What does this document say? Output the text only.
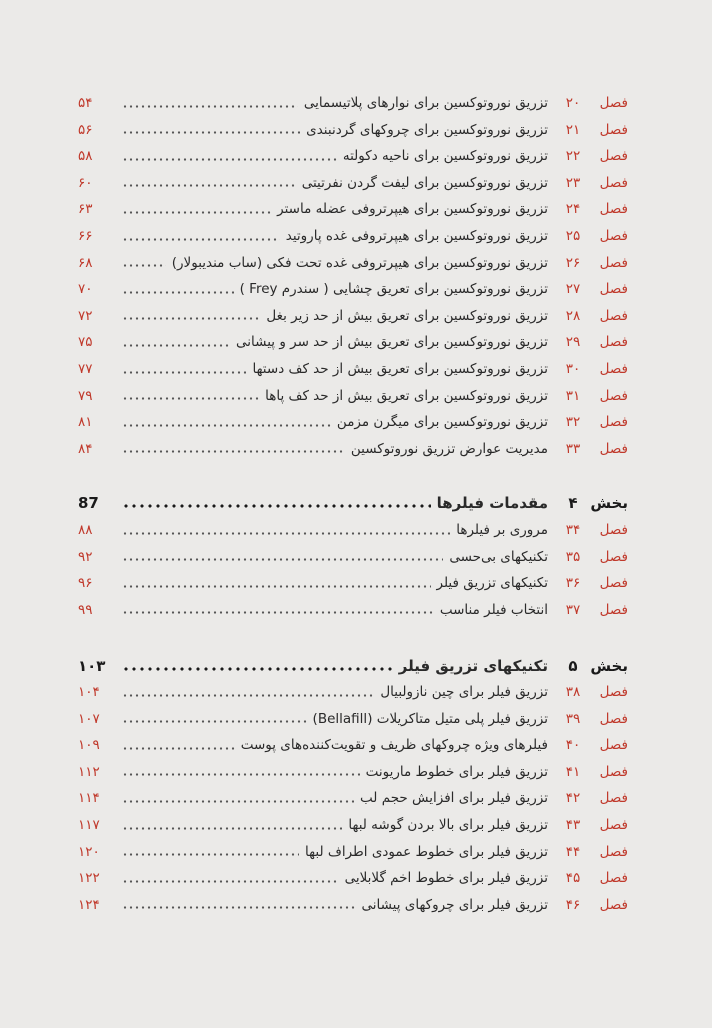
فصل
۲۰
تزریق نوروتوکسین برای نوارهای پلاتیسمایی
۵۴
فصل
۲۱
تزریق نوروتوکسین برای چروکهای گردنبندی
۵۶
فصل
۲۲
تزریق نوروتوکسین برای ناحیه دکولته
۵۸
فصل
۲۳
تزریق نوروتوکسین برای لیفت گردن نفرتیتی
۶۰
فصل
۲۴
تزریق نوروتوکسین برای هیپرتروفی عضله ماستر
۶۳
فصل
۲۵
تزریق نوروتوکسین برای هیپرتروفی غده پاروتید
۶۶
فصل
۲۶
تزریق نوروتوکسین برای هیپرتروفی غده تحت فکی (ساب مندیبولار)
۶۸
فصل
۲۷
تزریق نوروتوکسین برای تعریق چشایی ( سندرم Frey )
۷۰
فصل
۲۸
تزریق نوروتوکسین برای تعریق بیش از حد زیر بغل
۷۲
فصل
۲۹
تزریق نوروتوکسین برای تعریق بیش از حد سر و پیشانی
۷۵
فصل
۳۰
تزریق نوروتوکسین برای تعریق بیش از حد کف دستها
۷۷
فصل
۳۱
تزریق نوروتوکسین برای تعریق بیش از حد کف پاها
۷۹
فصل
۳۲
تزریق نوروتوکسین برای میگرن مزمن
۸۱
فصل
۳۳
مدیریت عوارض تزریق نوروتوکسین
۸۴
بخش
۴
مقدمات فیلرها
87
فصل
۳۴
مروری بر فیلرها
۸۸
فصل
۳۵
تکنیکهای بی‌حسی
۹۲
فصل
۳۶
تکنیکهای تزریق فیلر
۹۶
فصل
۳۷
انتخاب فیلر مناسب
۹۹
بخش
۵
تکنیکهای تزریق فیلر
۱۰۳
فصل
۳۸
تزریق فیلر برای چین نازولبیال
۱۰۴
فصل
۳۹
تزریق فیلر پلی متیل متاکریلات (Bellafill)
۱۰۷
فصل
۴۰
فیلرهای ویژه چروکهای ظریف و تقویت‌کننده‌های پوست
۱۰۹
فصل
۴۱
تزریق فیلر برای خطوط ماریونت
۱۱۲
فصل
۴۲
تزریق فیلر برای افزایش حجم لب
۱۱۴
فصل
۴۳
تزریق فیلر برای بالا بردن گوشه لبها
۱۱۷
فصل
۴۴
تزریق فیلر برای خطوط عمودی اطراف لبها
۱۲۰
فصل
۴۵
تزریق فیلر برای خطوط اخم گلابلایی
۱۲۲
فصل
۴۶
تزریق فیلر برای چروکهای پیشانی
۱۲۴
